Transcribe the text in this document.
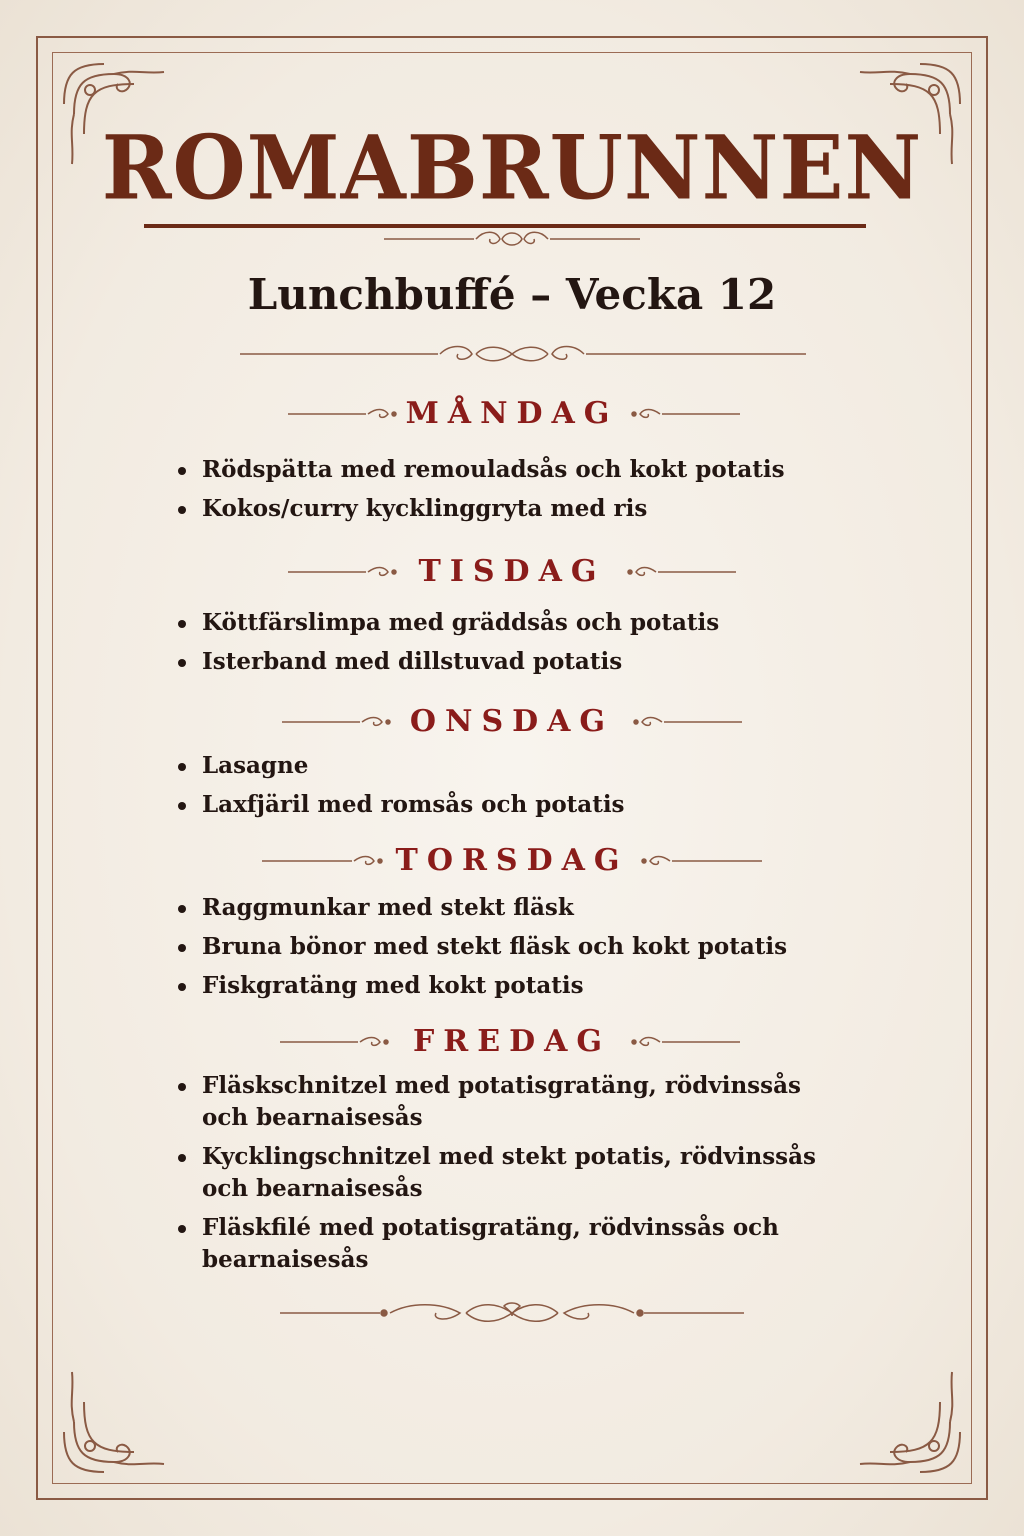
ROMABRUNNEN
Lunchbuffé – Vecka 12
MÅNDAG
Rödspätta med remouladsås och kokt potatis
Kokos/curry kycklinggryta med ris
TISDAG
Köttfärslimpa med gräddsås och potatis
Isterband med dillstuvad potatis
ONSDAG
Lasagne
Laxfjäril med romsås och potatis
TORSDAG
Raggmunkar med stekt fläsk
Bruna bönor med stekt fläsk och kokt potatis
Fiskgratäng med kokt potatis
FREDAG
Fläskschnitzel med potatisgratäng, rödvinssås och bearnaisesås
Kycklingschnitzel med stekt potatis, rödvinssås och bearnaisesås
Fläskfilé med potatisgratäng, rödvinssås och bearnaisesås
